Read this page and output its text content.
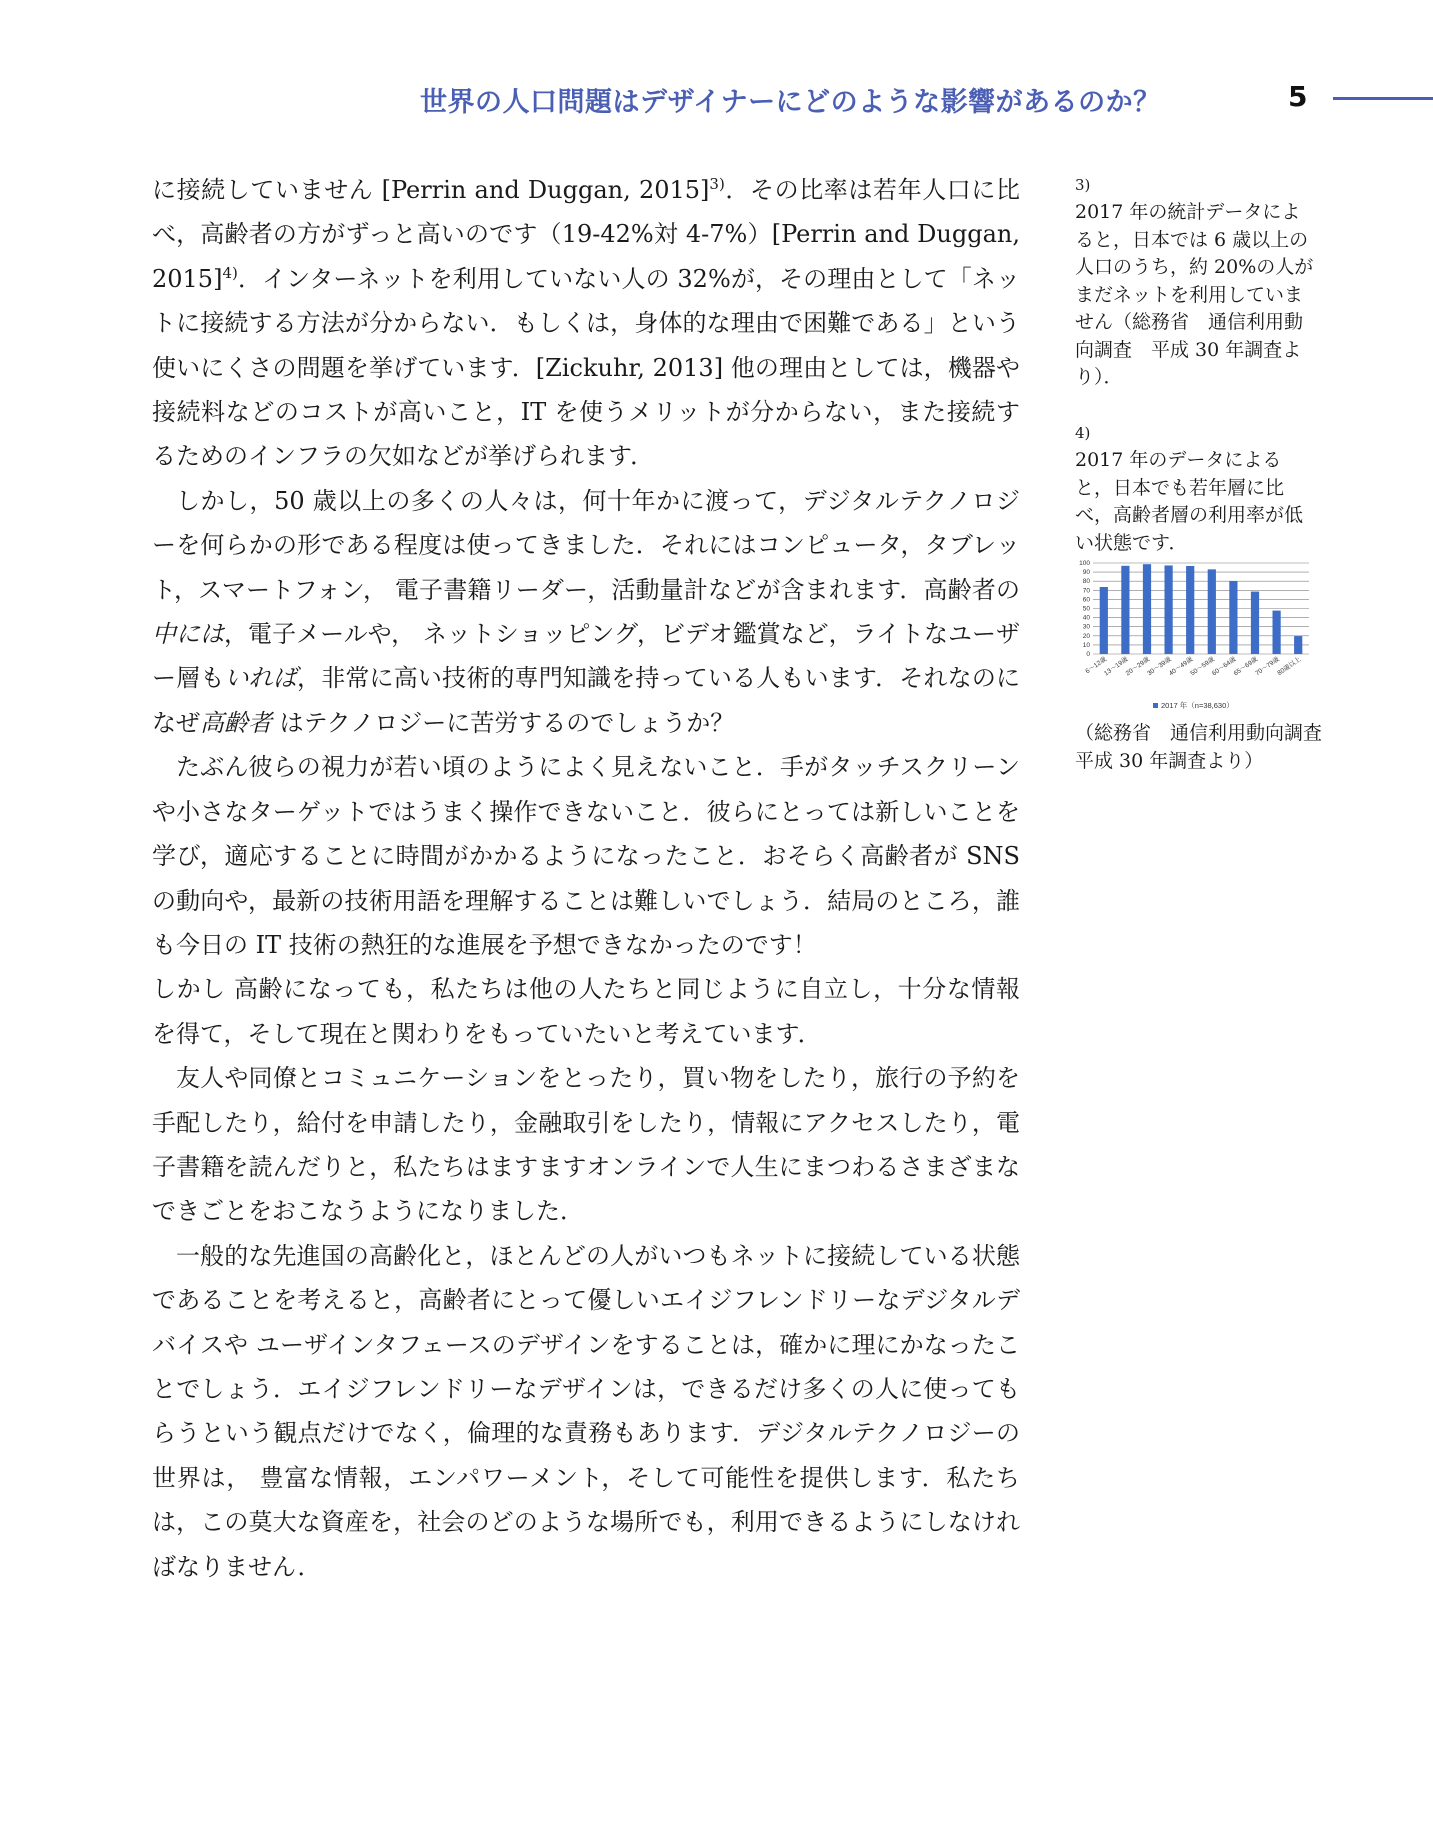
世界の人口問題はデザイナーにどのような影響があるのか？	5

に接続していません [Perrin and Duggan, 2015]$^{3)}$．その比率は若年人口に比べ，高齢者の方がずっと高いのです（19-42%対 4-7%）[Perrin and Duggan, 2015]$^{4)}$．インターネットを利用していない人の 32%が，その理由として「ネットに接続する方法が分からない．もしくは，身体的な理由で困難である」という使いにくさの問題を挙げています．[Zickuhr, 2013] 他の理由としては，機器や接続料などのコストが高いこと，IT を使うメリットが分からない，また接続するためのインフラの欠如などが挙げられます．

しかし，50 歳以上の多くの人々は，何十年かに渡って，デジタルテクノロジーを何らかの形である程度は使ってきました．それにはコンピュータ，タブレット，スマートフォン， 電子書籍リーダー，活動量計などが含まれます．高齢者の中には，電子メールや， ネットショッピング，ビデオ鑑賞など，ライトなユーザー層もいれば，非常に高い技術的専門知識を持っている人もいます．それなのになぜ高齢者 はテクノロジーに苦労するのでしょうか？

たぶん彼らの視力が若い頃のようによく見えないこと．手がタッチスクリーンや小さなターゲットではうまく操作できないこと．彼らにとっては新しいことを学び，適応することに時間がかかるようになったこと．おそらく高齢者が SNS の動向や，最新の技術用語を理解することは難しいでしょう．結局のところ，誰も今日の IT 技術の熱狂的な進展を予想できなかったのです！

しかし 高齢になっても，私たちは他の人たちと同じように自立し，十分な情報を得て，そして現在と関わりをもっていたいと考えています．

友人や同僚とコミュニケーションをとったり，買い物をしたり，旅行の予約を手配したり，給付を申請したり，金融取引をしたり，情報にアクセスしたり，電子書籍を読んだりと，私たちはますますオンラインで人生にまつわるさまざまなできごとをおこなうようになりました．

一般的な先進国の高齢化と，ほとんどの人がいつもネットに接続している状態であることを考えると，高齢者にとって優しいエイジフレンドリーなデジタルデバイスや ユーザインタフェースのデザインをすることは，確かに理にかなったことでしょう．エイジフレンドリーなデザインは，できるだけ多くの人に使ってもらうという観点だけでなく，倫理的な責務もあります．デジタルテクノロジーの世界は， 豊富な情報，エンパワーメント，そして可能性を提供します．私たちは，この莫大な資産を，社会のどのような場所でも，利用できるようにしなければなりません．

3)
2017 年の統計データによると，日本では 6 歳以上の人口のうち，約 20%の人がまだネットを利用していません（総務省　通信利用動向調査　平成 30 年調査より）．
4)
2017 年のデータによると，日本でも若年層に比べ，高齢者層の利用率が低い状態です．
0
10
20
30
40
50
60
70
80
90
100
6～12歳
13～19歳
20～29歳
30～39歳
40～49歳
50～59歳
60～64歳
65～69歳
70～79歳
80歳以上
2017 年（n=38,630）
（総務省　通信利用動向調査　平成 30 年調査より）
